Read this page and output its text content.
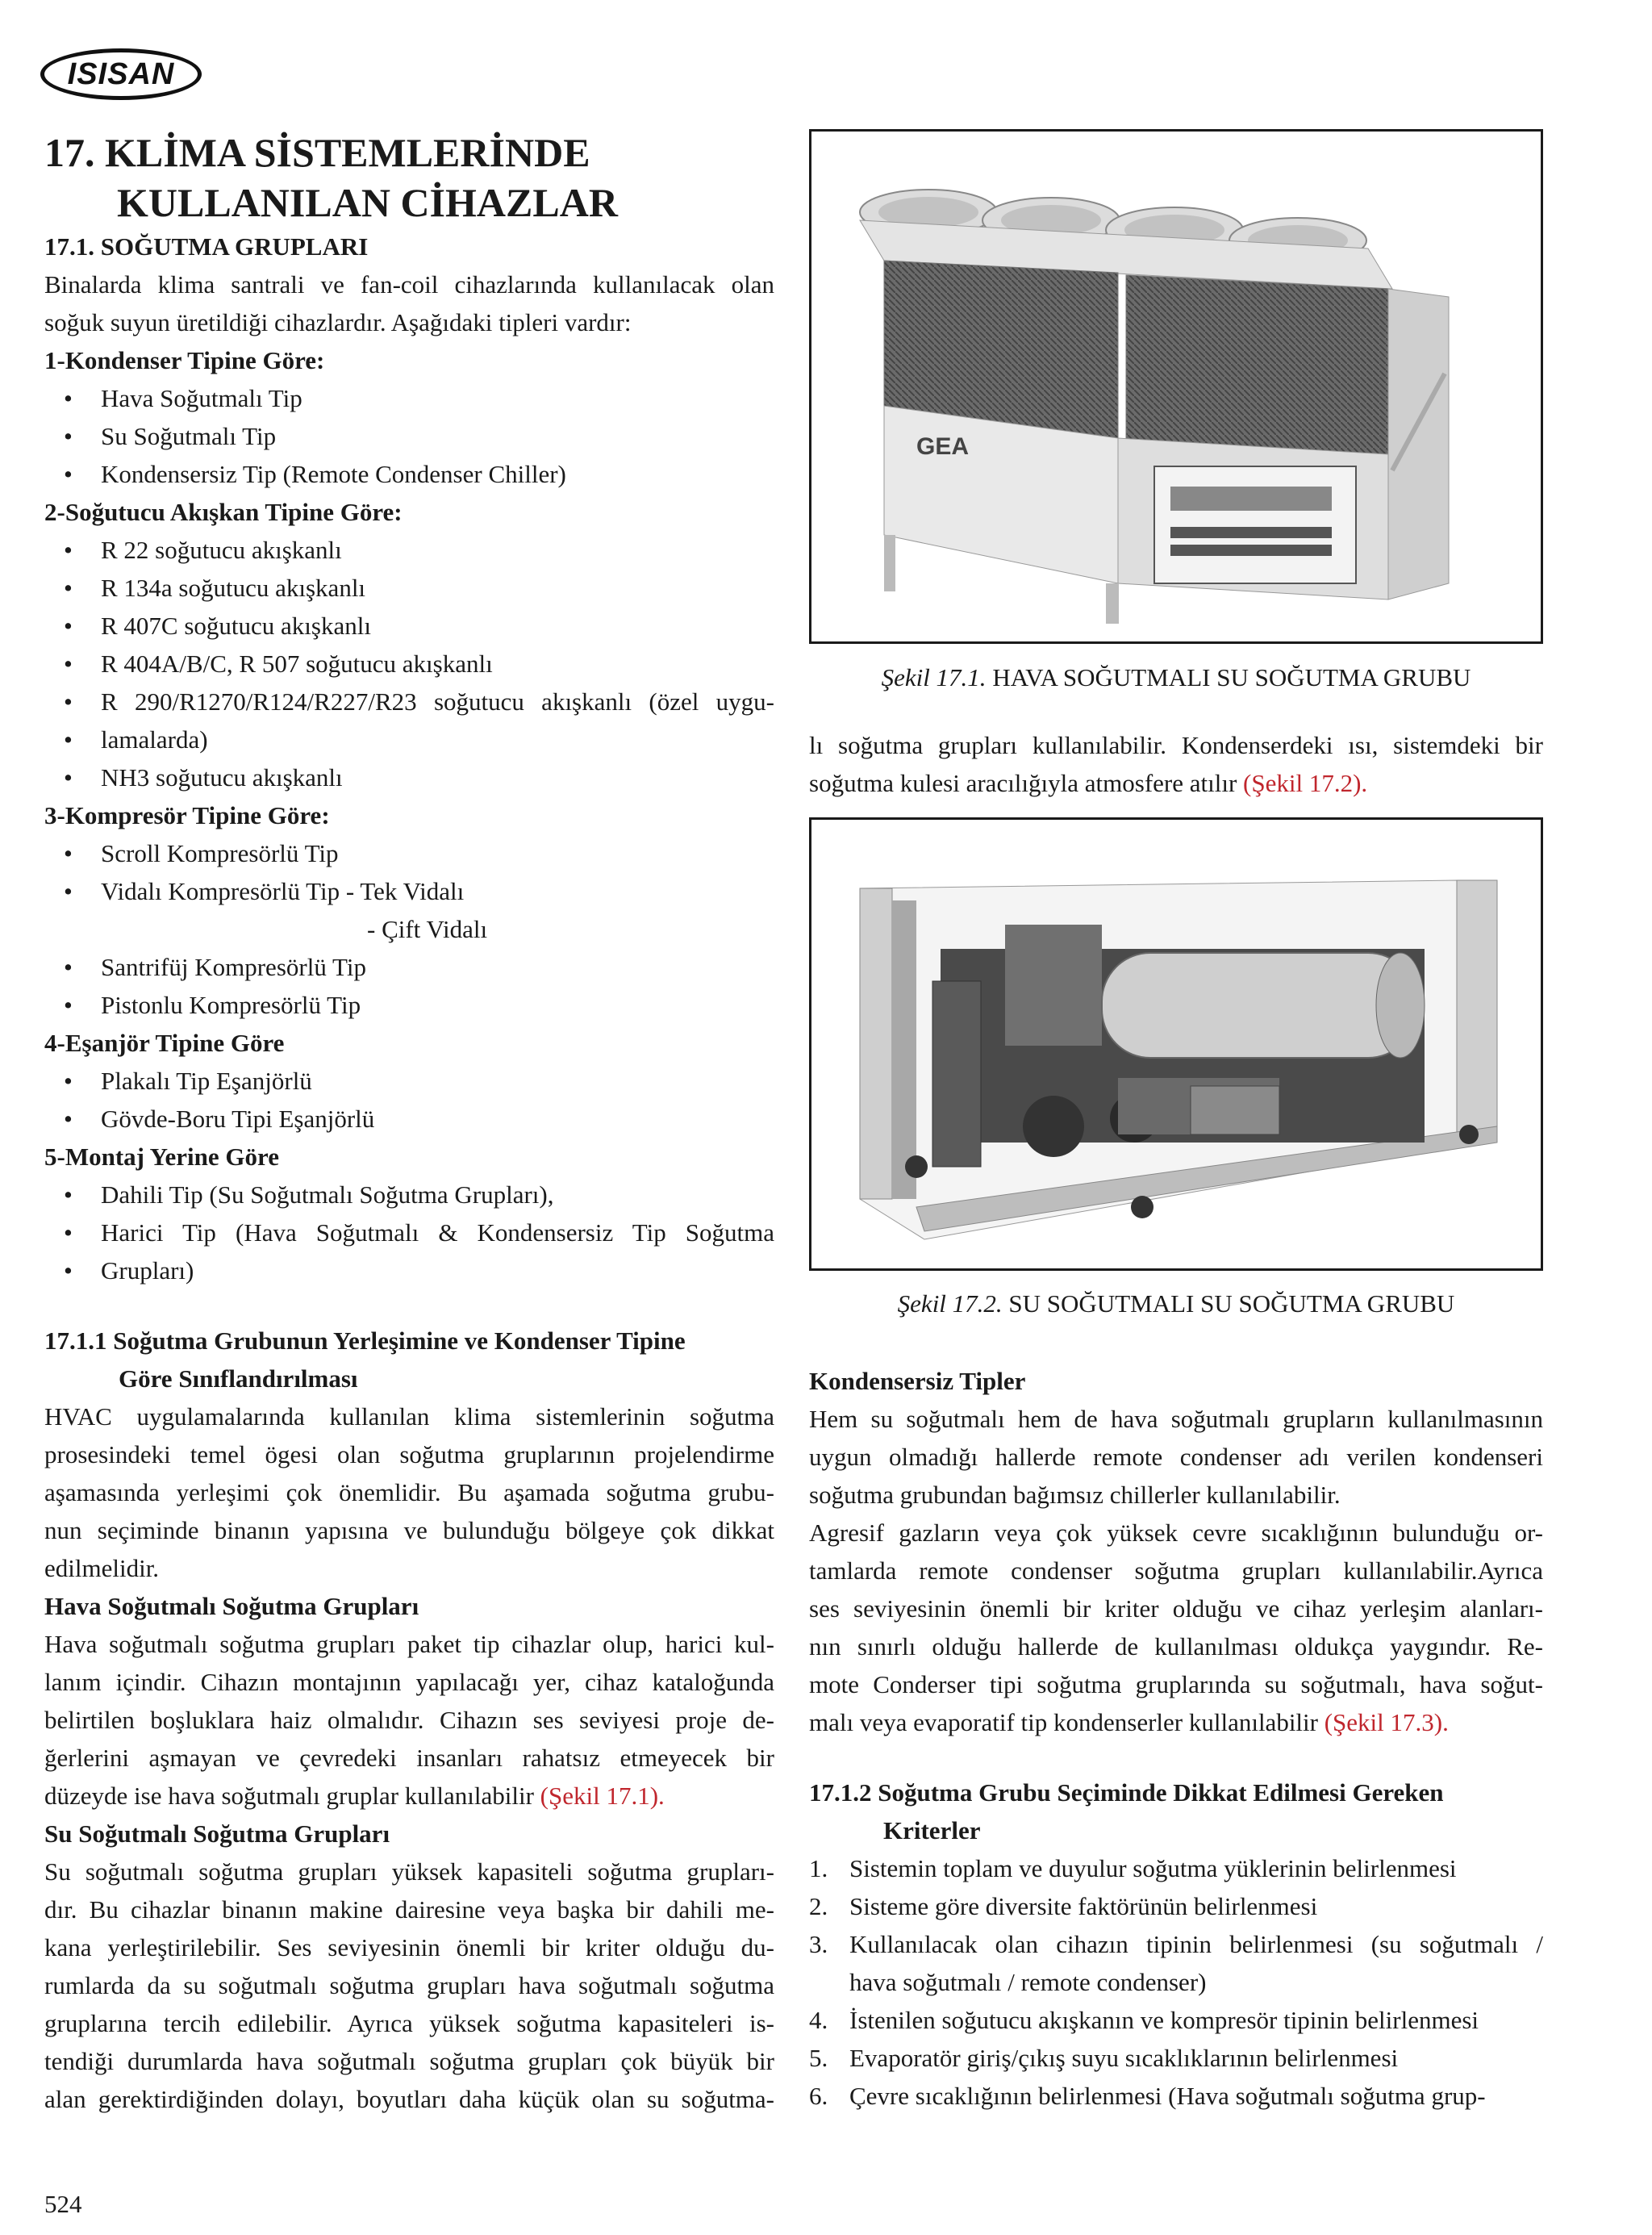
ISISAN
17. KLİMA SİSTEMLERİNDE
KULLANILAN CİHAZLAR

17.1. SOĞUTMA GRUPLARI

Binalarda klima santrali ve fan-coil cihazlarında kullanılacak olan

soğuk suyun üretildiği cihazlardır. Aşağıdaki tipleri vardır:

1-Kondenser Tipine Göre:

• Hava Soğutmalı Tip
• Su Soğutmalı Tip
• Kondensersiz Tip (Remote Condenser Chiller)

2-Soğutucu Akışkan Tipine Göre:

• R 22 soğutucu akışkanlı
• R 134a soğutucu akışkanlı
• R 407C soğutucu akışkanlı
• R 404A/B/C, R 507 soğutucu akışkanlı
• R 290/R1270/R124/R227/R23 soğutucu akışkanlı (özel uygu-
• lamalarda)
• NH3 soğutucu akışkanlı

3-Kompresör Tipine Göre:

• Scroll Kompresörlü Tip
• Vidalı Kompresörlü Tip - Tek Vidalı

- Çift Vidalı

• Santrifüj Kompresörlü Tip
• Pistonlu Kompresörlü Tip

4-Eşanjör Tipine Göre

• Plakalı Tip Eşanjörlü
• Gövde-Boru Tipi Eşanjörlü

5-Montaj Yerine Göre

• Dahili Tip (Su Soğutmalı Soğutma Grupları),
• Harici Tip (Hava Soğutmalı & Kondensersiz Tip Soğutma
• Grupları)

17.1.1 Soğutma Grubunun Yerleşimine ve Kondenser Tipine

Göre Sınıflandırılması

HVAC uygulamalarında kullanılan klima sistemlerinin soğutma

prosesindeki temel ögesi olan soğutma gruplarının projelendirme

aşamasında yerleşimi çok önemlidir. Bu aşamada soğutma grubu-

nun seçiminde binanın yapısına ve bulunduğu bölgeye çok dikkat

edilmelidir.

Hava Soğutmalı Soğutma Grupları

Hava soğutmalı soğutma grupları paket tip cihazlar olup, harici kul-

lanım içindir. Cihazın montajının yapılacağı yer, cihaz kataloğunda

belirtilen boşluklara haiz olmalıdır. Cihazın ses seviyesi proje de-

ğerlerini aşmayan ve çevredeki insanları rahatsız etmeyecek bir

düzeyde ise hava soğutmalı gruplar kullanılabilir (Şekil 17.1).

Su Soğutmalı Soğutma Grupları

Su soğutmalı soğutma grupları yüksek kapasiteli soğutma grupları-

dır. Bu cihazlar binanın makine dairesine veya başka bir dahili me-

kana yerleştirilebilir. Ses seviyesinin önemli bir kriter olduğu du-

rumlarda da su soğutmalı soğutma grupları hava soğutmalı soğutma

gruplarına tercih edilebilir. Ayrıca yüksek soğutma kapasiteleri is-

tendiği durumlarda hava soğutmalı soğutma grupları çok büyük bir

alan gerektirdiğinden dolayı, boyutları daha küçük olan su soğutma-

GEA
Şekil 17.1. HAVA SOĞUTMALI SU SOĞUTMA GRUBU

lı soğutma grupları kullanılabilir. Kondenserdeki ısı, sistemdeki bir

soğutma kulesi aracılığıyla atmosfere atılır (Şekil 17.2).

Şekil 17.2. SU SOĞUTMALI SU SOĞUTMA GRUBU

Kondensersiz Tipler

Hem su soğutmalı hem de hava soğutmalı grupların kullanılmasının

uygun olmadığı hallerde remote condenser adı verilen kondenseri

soğutma grubundan bağımsız chillerler kullanılabilir.

Agresif gazların veya çok yüksek cevre sıcaklığının bulunduğu or-

tamlarda remote condenser soğutma grupları kullanılabilir.Ayrıca

ses seviyesinin önemli bir kriter olduğu ve cihaz yerleşim alanları-

nın sınırlı olduğu hallerde de kullanılması oldukça yaygındır. Re-

mote Conderser tipi soğutma gruplarında su soğutmalı, hava soğut-

malı veya evaporatif tip kondenserler kullanılabilir (Şekil 17.3).

17.1.2 Soğutma Grubu Seçiminde Dikkat Edilmesi Gereken

Kriterler

1. Sistemin toplam ve duyulur soğutma yüklerinin belirlenmesi
2. Sisteme göre diversite faktörünün belirlenmesi
3. Kullanılacak olan cihazın tipinin belirlenmesi (su soğutmalı /
hava soğutmalı / remote condenser)
4. İstenilen soğutucu akışkanın ve kompresör tipinin belirlenmesi
5. Evaporatör giriş/çıkış suyu sıcaklıklarının belirlenmesi
6. Çevre sıcaklığının belirlenmesi (Hava soğutmalı soğutma grup-
524
